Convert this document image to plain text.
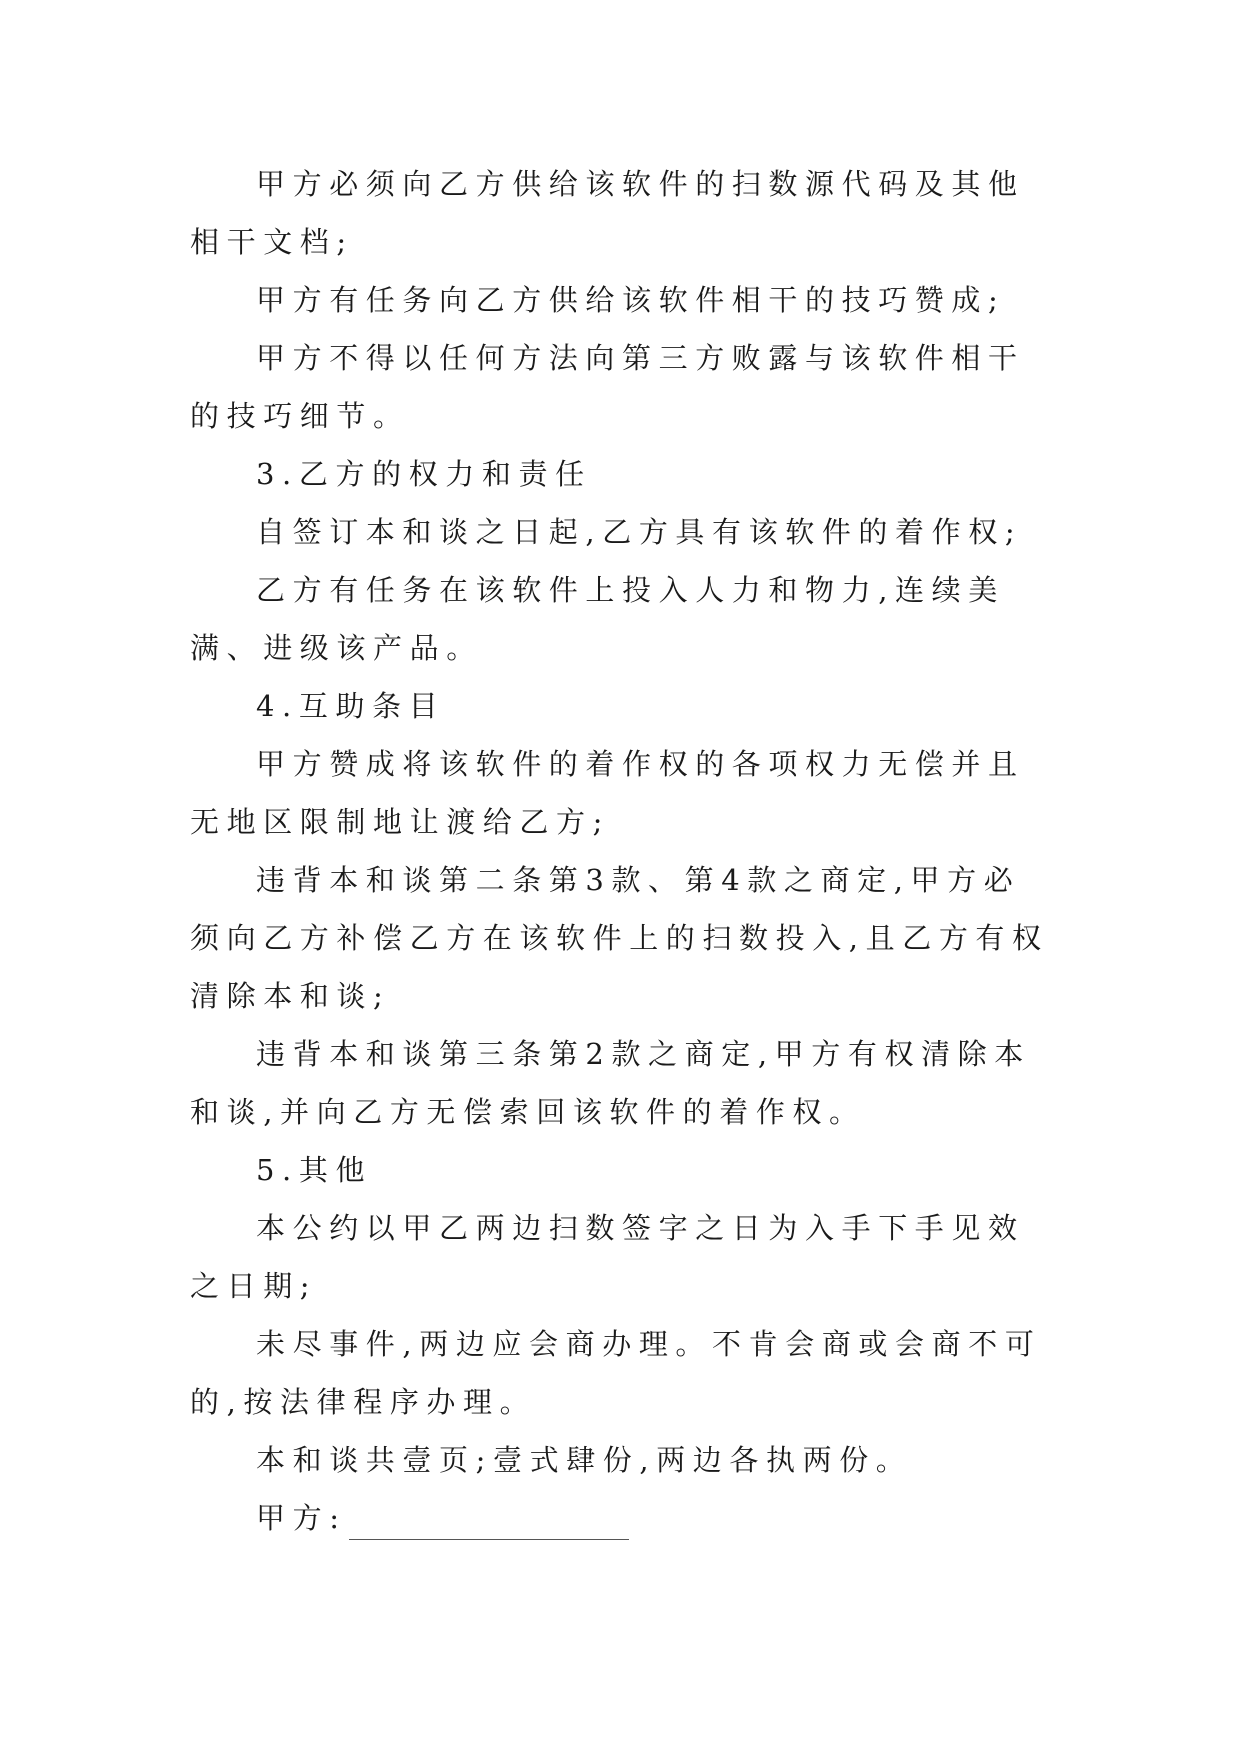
甲方必须向乙方供给该软件的扫数源代码及其他相干文档;

甲方有任务向乙方供给该软件相干的技巧赞成;

甲方不得以任何方法向第三方败露与该软件相干的技巧细节。

3.乙方的权力和责任

自签订本和谈之日起,乙方具有该软件的着作权;

乙方有任务在该软件上投入人力和物力,连续美满、进级该产品。

4.互助条目

甲方赞成将该软件的着作权的各项权力无偿并且无地区限制地让渡给乙方;

违背本和谈第二条第3款、第4款之商定,甲方必须向乙方补偿乙方在该软件上的扫数投入,且乙方有权清除本和谈;

违背本和谈第三条第2款之商定,甲方有权清除本和谈,并向乙方无偿索回该软件的着作权。

5.其他

本公约以甲乙两边扫数签字之日为入手下手见效之日期;

未尽事件,两边应会商办理。不肯会商或会商不可的,按法律程序办理。

本和谈共壹页;壹式肆份,两边各执两份。

甲方:
